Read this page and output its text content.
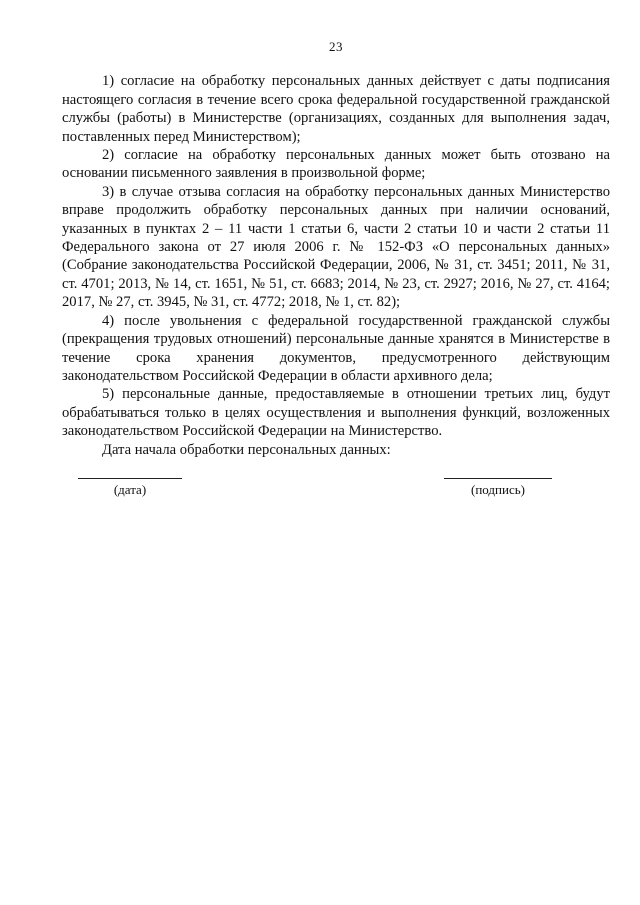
23

1) согласие на обработку персональных данных действует с даты подписания настоящего согласия в течение всего срока федеральной государственной гражданской службы (работы) в Министерстве (организациях, созданных для выполнения задач, поставленных перед Министерством);

2) согласие на обработку персональных данных может быть отозвано на основании письменного заявления в произвольной форме;

3) в случае отзыва согласия на обработку персональных данных Министерство вправе продолжить обработку персональных данных при наличии оснований, указанных в пунктах 2 – 11 части 1 статьи 6, части 2 статьи 10 и части 2 статьи 11 Федерального закона от 27 июля 2006 г. № 152-ФЗ «О персональных данных» (Собрание законодательства Российской Федерации, 2006, № 31, ст. 3451; 2011, № 31, ст. 4701; 2013, № 14, ст. 1651, № 51, ст. 6683; 2014, № 23, ст. 2927; 2016, № 27, ст. 4164; 2017, № 27, ст. 3945, № 31, ст. 4772; 2018, № 1, ст. 82);

4) после увольнения с федеральной государственной гражданской службы (прекращения трудовых отношений) персональные данные хранятся в Министерстве в течение срока хранения документов, предусмотренного действующим законодательством Российской Федерации в области архивного дела;

5) персональные данные, предоставляемые в отношении третьих лиц, будут обрабатываться только в целях осуществления и выполнения функций, возложенных законодательством Российской Федерации на Министерство.

Дата начала обработки персональных данных:

(дата)	(подпись)
